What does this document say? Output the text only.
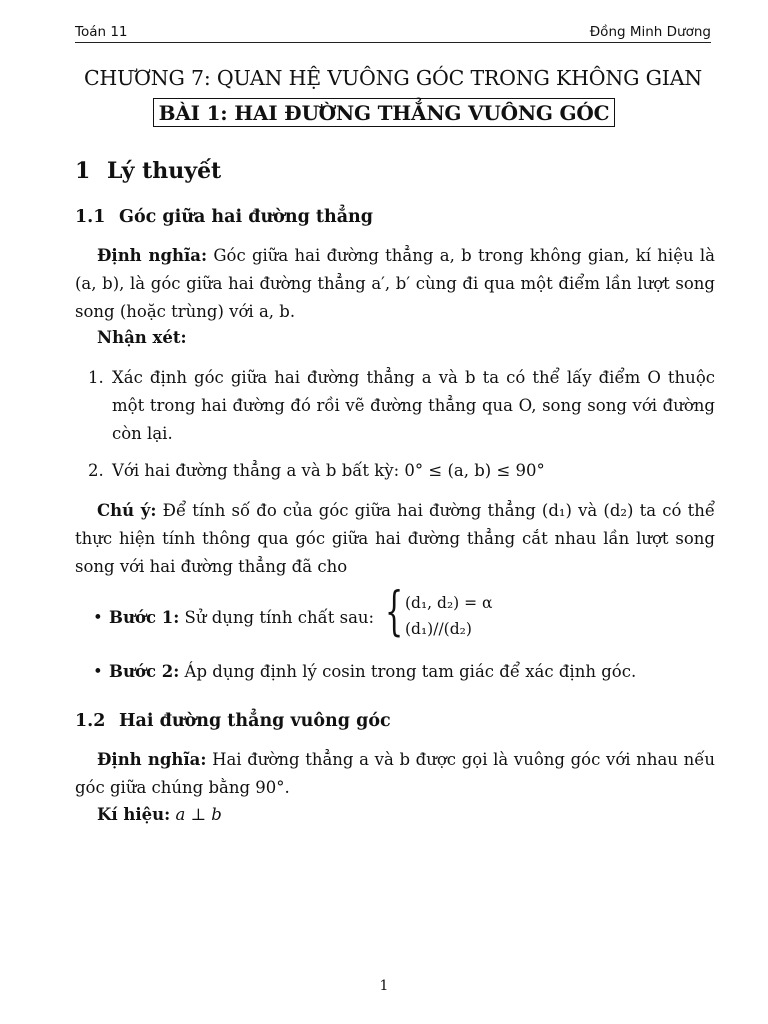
Toán 11	Đồng Minh Dương
CHƯƠNG 7: QUAN HỆ VUÔNG GÓC TRONG KHÔNG GIAN
BÀI 1: HAI ĐƯỜNG THẲNG VUÔNG GÓC
1 Lý thuyết
1.1 Góc giữa hai đường thẳng
Định nghĩa: Góc giữa hai đường thẳng a, b trong không gian, kí hiệu là (a, b), là góc giữa hai đường thẳng a′, b′ cùng đi qua một điểm lần lượt song song (hoặc trùng) với a, b.
Nhận xét:
1. Xác định góc giữa hai đường thẳng a và b ta có thể lấy điểm O thuộc một trong hai đường đó rồi vẽ đường thẳng qua O, song song với đường còn lại.
2. Với hai đường thẳng a và b bất kỳ: 0° ≤ (a, b) ≤ 90°
Chú ý: Để tính số đo của góc giữa hai đường thẳng (d₁) và (d₂) ta có thể thực hiện tính thông qua góc giữa hai đường thẳng cắt nhau lần lượt song song với hai đường thẳng đã cho
• Bước 1: Sử dụng tính chất sau: { (d₁, d₂) = α
(d₁)//(d₂)
• Bước 2: Áp dụng định lý cosin trong tam giác để xác định góc.
1.2 Hai đường thẳng vuông góc
Định nghĩa: Hai đường thẳng a và b được gọi là vuông góc với nhau nếu góc giữa chúng bằng 90°.
Kí hiệu: a ⊥ b
1
